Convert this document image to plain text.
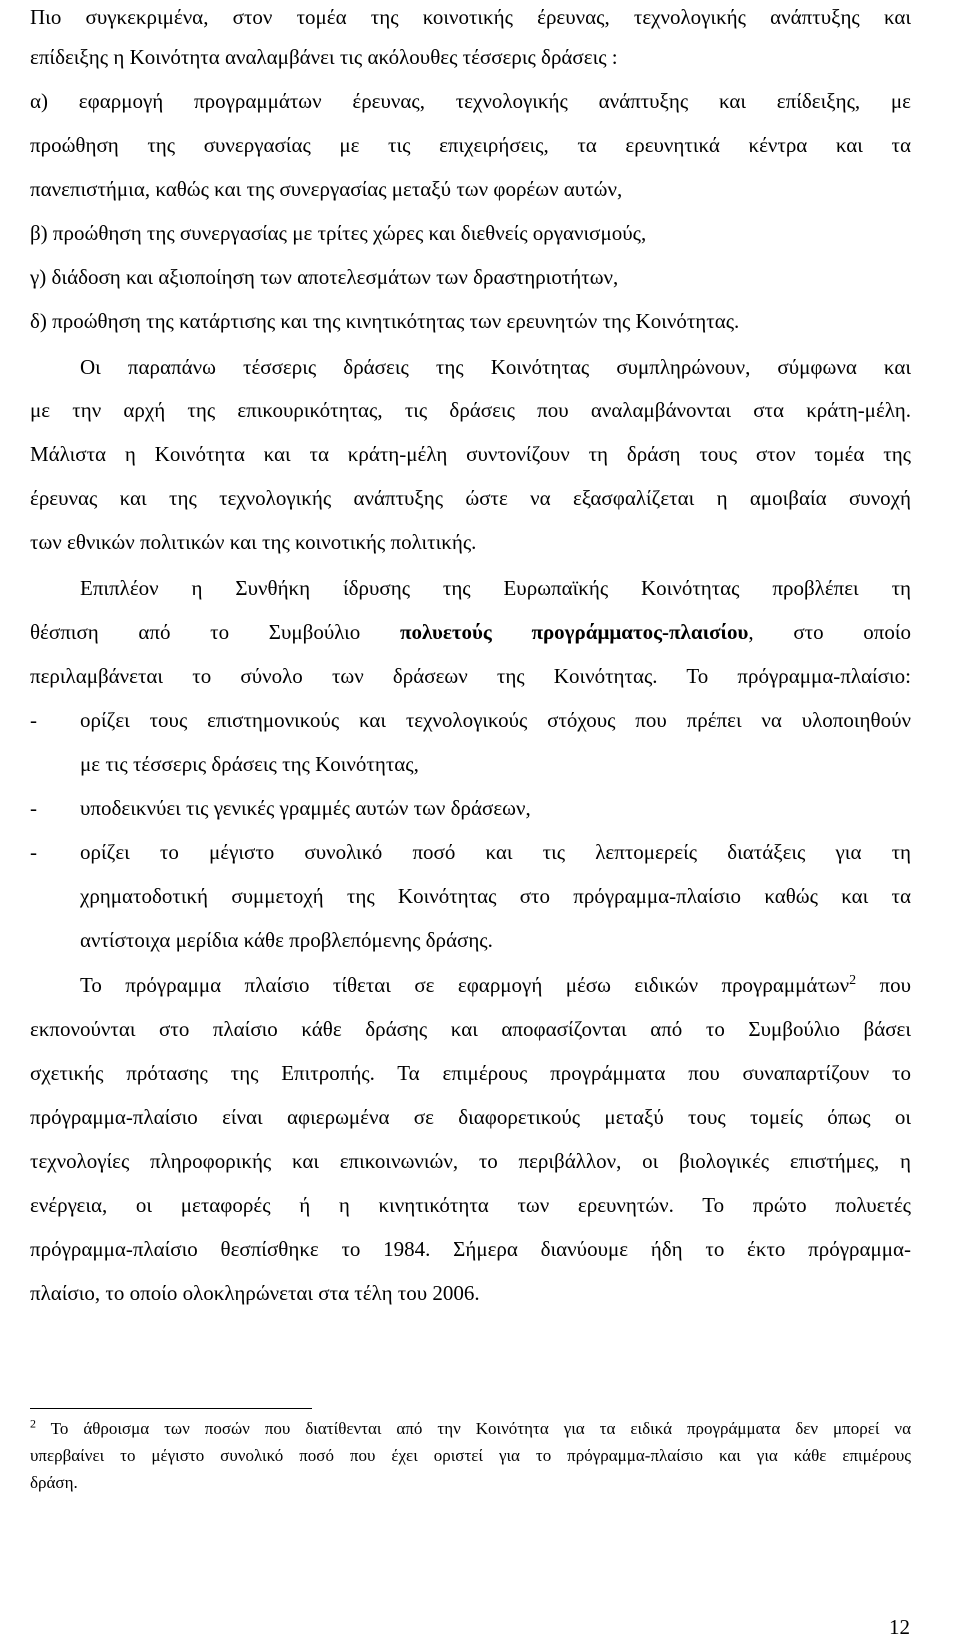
Πιο συγκεκριμένα, στον τομέα της κοινοτικής έρευνας, τεχνολογικής ανάπτυξης και
επίδειξης η Κοινότητα αναλαμβάνει τις ακόλουθες τέσσερις δράσεις :
α) εφαρμογή προγραμμάτων έρευνας, τεχνολογικής ανάπτυξης και επίδειξης, με
προώθηση της συνεργασίας με τις επιχειρήσεις, τα ερευνητικά κέντρα και τα
πανεπιστήμια, καθώς και της συνεργασίας μεταξύ των φορέων αυτών,
β) προώθηση της συνεργασίας με τρίτες χώρες και διεθνείς οργανισμούς,
γ) διάδοση και αξιοποίηση των αποτελεσμάτων των δραστηριοτήτων,
δ) προώθηση της κατάρτισης και της κινητικότητας των ερευνητών της Κοινότητας.
Οι παραπάνω τέσσερις δράσεις της Κοινότητας συμπληρώνουν, σύμφωνα και
με την αρχή της επικουρικότητας, τις δράσεις που αναλαμβάνονται στα κράτη-μέλη.
Μάλιστα η Κοινότητα και τα κράτη-μέλη συντονίζουν τη δράση τους στον τομέα της
έρευνας και της τεχνολογικής ανάπτυξης ώστε να εξασφαλίζεται η αμοιβαία συνοχή
των εθνικών πολιτικών και της κοινοτικής πολιτικής.
Επιπλέον η Συνθήκη ίδρυσης της Ευρωπαϊκής Κοινότητας προβλέπει τη
θέσπιση από το Συμβούλιο πολυετούς προγράμματος-πλαισίου, στο οποίο
περιλαμβάνεται το σύνολο των δράσεων της Κοινότητας. Το πρόγραμμα-πλαίσιο:
- ορίζει τους επιστημονικούς και τεχνολογικούς στόχους που πρέπει να υλοποιηθούν
με τις τέσσερις δράσεις της Κοινότητας,
- υποδεικνύει τις γενικές γραμμές αυτών των δράσεων,
- ορίζει το μέγιστο συνολικό ποσό και τις λεπτομερείς διατάξεις για τη
χρηματοδοτική συμμετοχή της Κοινότητας στο πρόγραμμα-πλαίσιο καθώς και τα
αντίστοιχα μερίδια κάθε προβλεπόμενης δράσης.
Το πρόγραμμα πλαίσιο τίθεται σε εφαρμογή μέσω ειδικών προγραμμάτων$^2$ που
εκπονούνται στο πλαίσιο κάθε δράσης και αποφασίζονται από το Συμβούλιο βάσει
σχετικής πρότασης της Επιτροπής. Τα επιμέρους προγράμματα που συναπαρτίζουν το
πρόγραμμα-πλαίσιο είναι αφιερωμένα σε διαφορετικούς μεταξύ τους τομείς όπως οι
τεχνολογίες πληροφορικής και επικοινωνιών, το περιβάλλον, οι βιολογικές επιστήμες, η
ενέργεια, οι μεταφορές ή η κινητικότητα των ερευνητών. Το πρώτο πολυετές
πρόγραμμα-πλαίσιο θεσπίσθηκε το 1984. Σήμερα διανύουμε ήδη το έκτο πρόγραμμα-
πλαίσιο, το οποίο ολοκληρώνεται στα τέλη του 2006.
$^2$ Το άθροισμα των ποσών που διατίθενται από την Κοινότητα για τα ειδικά προγράμματα δεν μπορεί να
υπερβαίνει το μέγιστο συνολικό ποσό που έχει οριστεί για το πρόγραμμα-πλαίσιο και για κάθε επιμέρους
δράση.
12
